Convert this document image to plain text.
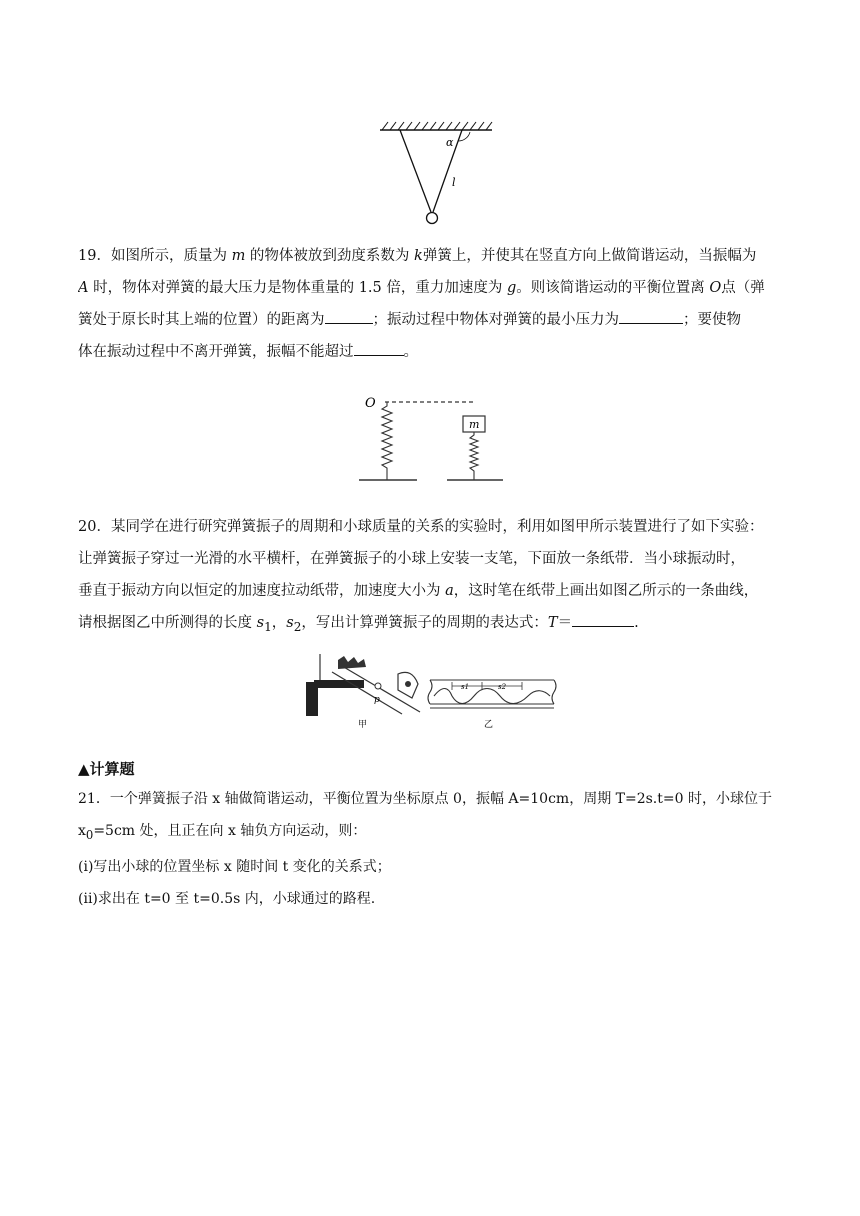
α
l
19．如图所示，质量为 m 的物体被放到劲度系数为 k弹簧上，并使其在竖直方向上做简谐运动，当振幅为
A 时，物体对弹簧的最大压力是物体重量的 1.5 倍，重力加速度为 g。则该简谐运动的平衡位置离 O点（弹
簧处于原长时其上端的位置）的距离为	；振动过程中物体对弹簧的最小压力为	；要使物
体在振动过程中不离开弹簧，振幅不能超过	。
O
m
20．某同学在进行研究弹簧振子的周期和小球质量的关系的实验时，利用如图甲所示装置进行了如下实验：
让弹簧振子穿过一光滑的水平横杆，在弹簧振子的小球上安装一支笔，下面放一条纸带．当小球振动时，
垂直于振动方向以恒定的加速度拉动纸带，加速度大小为 a，这时笔在纸带上画出如图乙所示的一条曲线，
请根据图乙中所测得的长度 $s_1$，$s_2$，写出计算弹簧振子的周期的表达式：T＝	.
p
甲
s1	s2
乙
▲计算题
21．一个弹簧振子沿 x 轴做简谐运动，平衡位置为坐标原点 0，振幅 A=10cm，周期 T=2s.t=0 时，小球位于
$x_0=5cm$ 处，且正在向 x 轴负方向运动，则：
(i)写出小球的位置坐标 x 随时间 t 变化的关系式；
(ii)求出在 t=0 至 t=0.5s 内，小球通过的路程.
